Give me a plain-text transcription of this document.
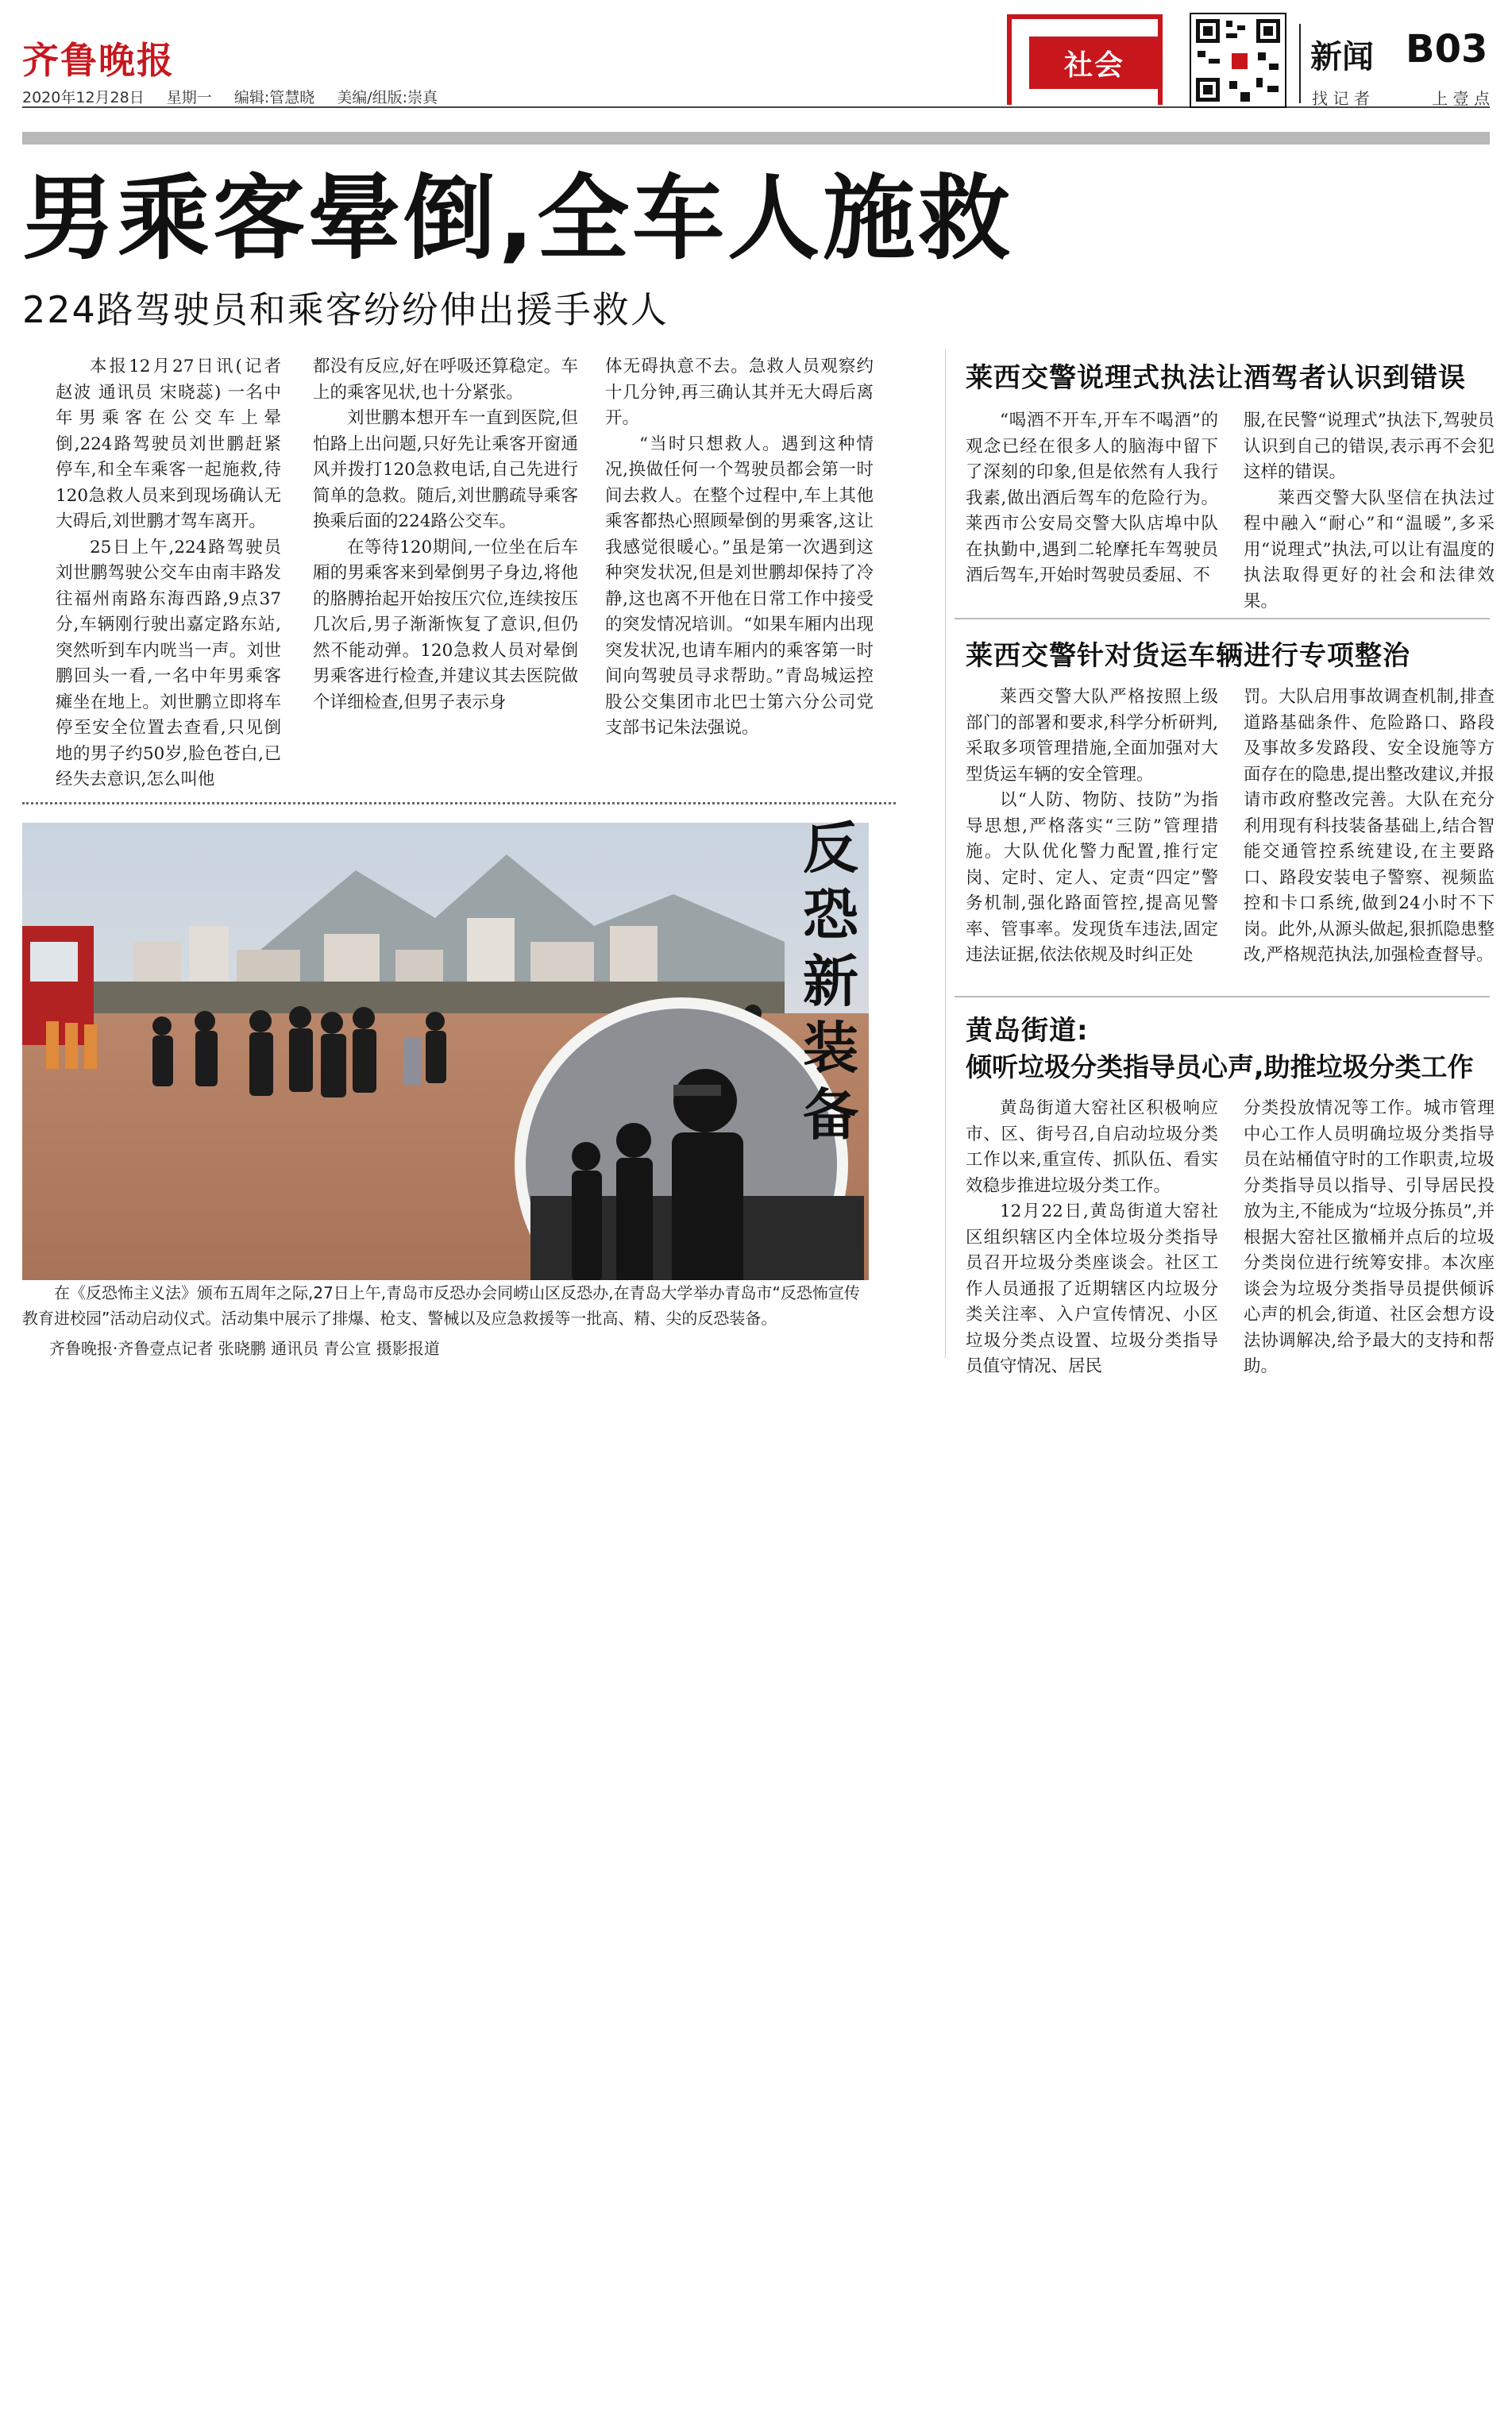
齐鲁晚报
2020年12月28日 星期一 编辑:管慧晓 美编/组版:崇真
社会	新闻 B03
找 记 者	上 壹 点
男乘客晕倒,全车人施救
224路驾驶员和乘客纷纷伸出援手救人

本报12月27日讯(记者 赵波 通讯员 宋晓蕊) 一名中年男乘客在公交车上晕倒,224路驾驶员刘世鹏赶紧停车,和全车乘客一起施救,待120急救人员来到现场确认无大碍后,刘世鹏才驾车离开。

25日上午,224路驾驶员刘世鹏驾驶公交车由南丰路发往福州南路东海西路,9点37分,车辆刚行驶出嘉定路东站,突然听到车内咣当一声。刘世鹏回头一看,一名中年男乘客瘫坐在地上。刘世鹏立即将车停至安全位置去查看,只见倒地的男子约50岁,脸色苍白,已经失去意识,怎么叫他

都没有反应,好在呼吸还算稳定。车上的乘客见状,也十分紧张。

刘世鹏本想开车一直到医院,但怕路上出问题,只好先让乘客开窗通风并拨打120急救电话,自己先进行简单的急救。随后,刘世鹏疏导乘客换乘后面的224路公交车。

在等待120期间,一位坐在后车厢的男乘客来到晕倒男子身边,将他的胳膊抬起开始按压穴位,连续按压几次后,男子渐渐恢复了意识,但仍然不能动弹。120急救人员对晕倒男乘客进行检查,并建议其去医院做个详细检查,但男子表示身

体无碍执意不去。急救人员观察约十几分钟,再三确认其并无大碍后离开。

“当时只想救人。遇到这种情况,换做任何一个驾驶员都会第一时间去救人。在整个过程中,车上其他乘客都热心照顾晕倒的男乘客,这让我感觉很暖心。”虽是第一次遇到这种突发状况,但是刘世鹏却保持了冷静,这也离不开他在日常工作中接受的突发情况培训。“如果车厢内出现突发状况,也请车厢内的乘客第一时间向驾驶员寻求帮助。”青岛城运控股公交集团市北巴士第六分公司党支部书记朱法强说。

反恐新装备

在《反恐怖主义法》颁布五周年之际,27日上午,青岛市反恐办会同崂山区反恐办,在青岛大学举办青岛市“反恐怖宣传教育进校园”活动启动仪式。活动集中展示了排爆、枪支、警械以及应急救援等一批高、精、尖的反恐装备。

齐鲁晚报·齐鲁壹点记者 张晓鹏 通讯员 青公宣 摄影报道
莱西交警说理式执法让酒驾者认识到错误

“喝酒不开车,开车不喝酒”的观念已经在很多人的脑海中留下了深刻的印象,但是依然有人我行我素,做出酒后驾车的危险行为。莱西市公安局交警大队店埠中队在执勤中,遇到二轮摩托车驾驶员酒后驾车,开始时驾驶员委屈、不

服,在民警“说理式”执法下,驾驶员认识到自己的错误,表示再不会犯这样的错误。

莱西交警大队坚信在执法过程中融入“耐心”和“温暖”,多采用“说理式”执法,可以让有温度的执法取得更好的社会和法律效果。

莱西交警针对货运车辆进行专项整治

莱西交警大队严格按照上级部门的部署和要求,科学分析研判,采取多项管理措施,全面加强对大型货运车辆的安全管理。

以“人防、物防、技防”为指导思想,严格落实“三防”管理措施。大队优化警力配置,推行定岗、定时、定人、定责“四定”警务机制,强化路面管控,提高见警率、管事率。发现货车违法,固定违法证据,依法依规及时纠正处

罚。大队启用事故调查机制,排查道路基础条件、危险路口、路段及事故多发路段、安全设施等方面存在的隐患,提出整改建议,并报请市政府整改完善。大队在充分利用现有科技装备基础上,结合智能交通管控系统建设,在主要路口、路段安装电子警察、视频监控和卡口系统,做到24小时不下岗。此外,从源头做起,狠抓隐患整改,严格规范执法,加强检查督导。

黄岛街道:
倾听垃圾分类指导员心声,助推垃圾分类工作

黄岛街道大窑社区积极响应市、区、街号召,自启动垃圾分类工作以来,重宣传、抓队伍、看实效稳步推进垃圾分类工作。

12月22日,黄岛街道大窑社区组织辖区内全体垃圾分类指导员召开垃圾分类座谈会。社区工作人员通报了近期辖区内垃圾分类关注率、入户宣传情况、小区垃圾分类点设置、垃圾分类指导员值守情况、居民

分类投放情况等工作。城市管理中心工作人员明确垃圾分类指导员在站桶值守时的工作职责,垃圾分类指导员以指导、引导居民投放为主,不能成为“垃圾分拣员”,并根据大窑社区撤桶并点后的垃圾分类岗位进行统筹安排。本次座谈会为垃圾分类指导员提供倾诉心声的机会,街道、社区会想方设法协调解决,给予最大的支持和帮助。
